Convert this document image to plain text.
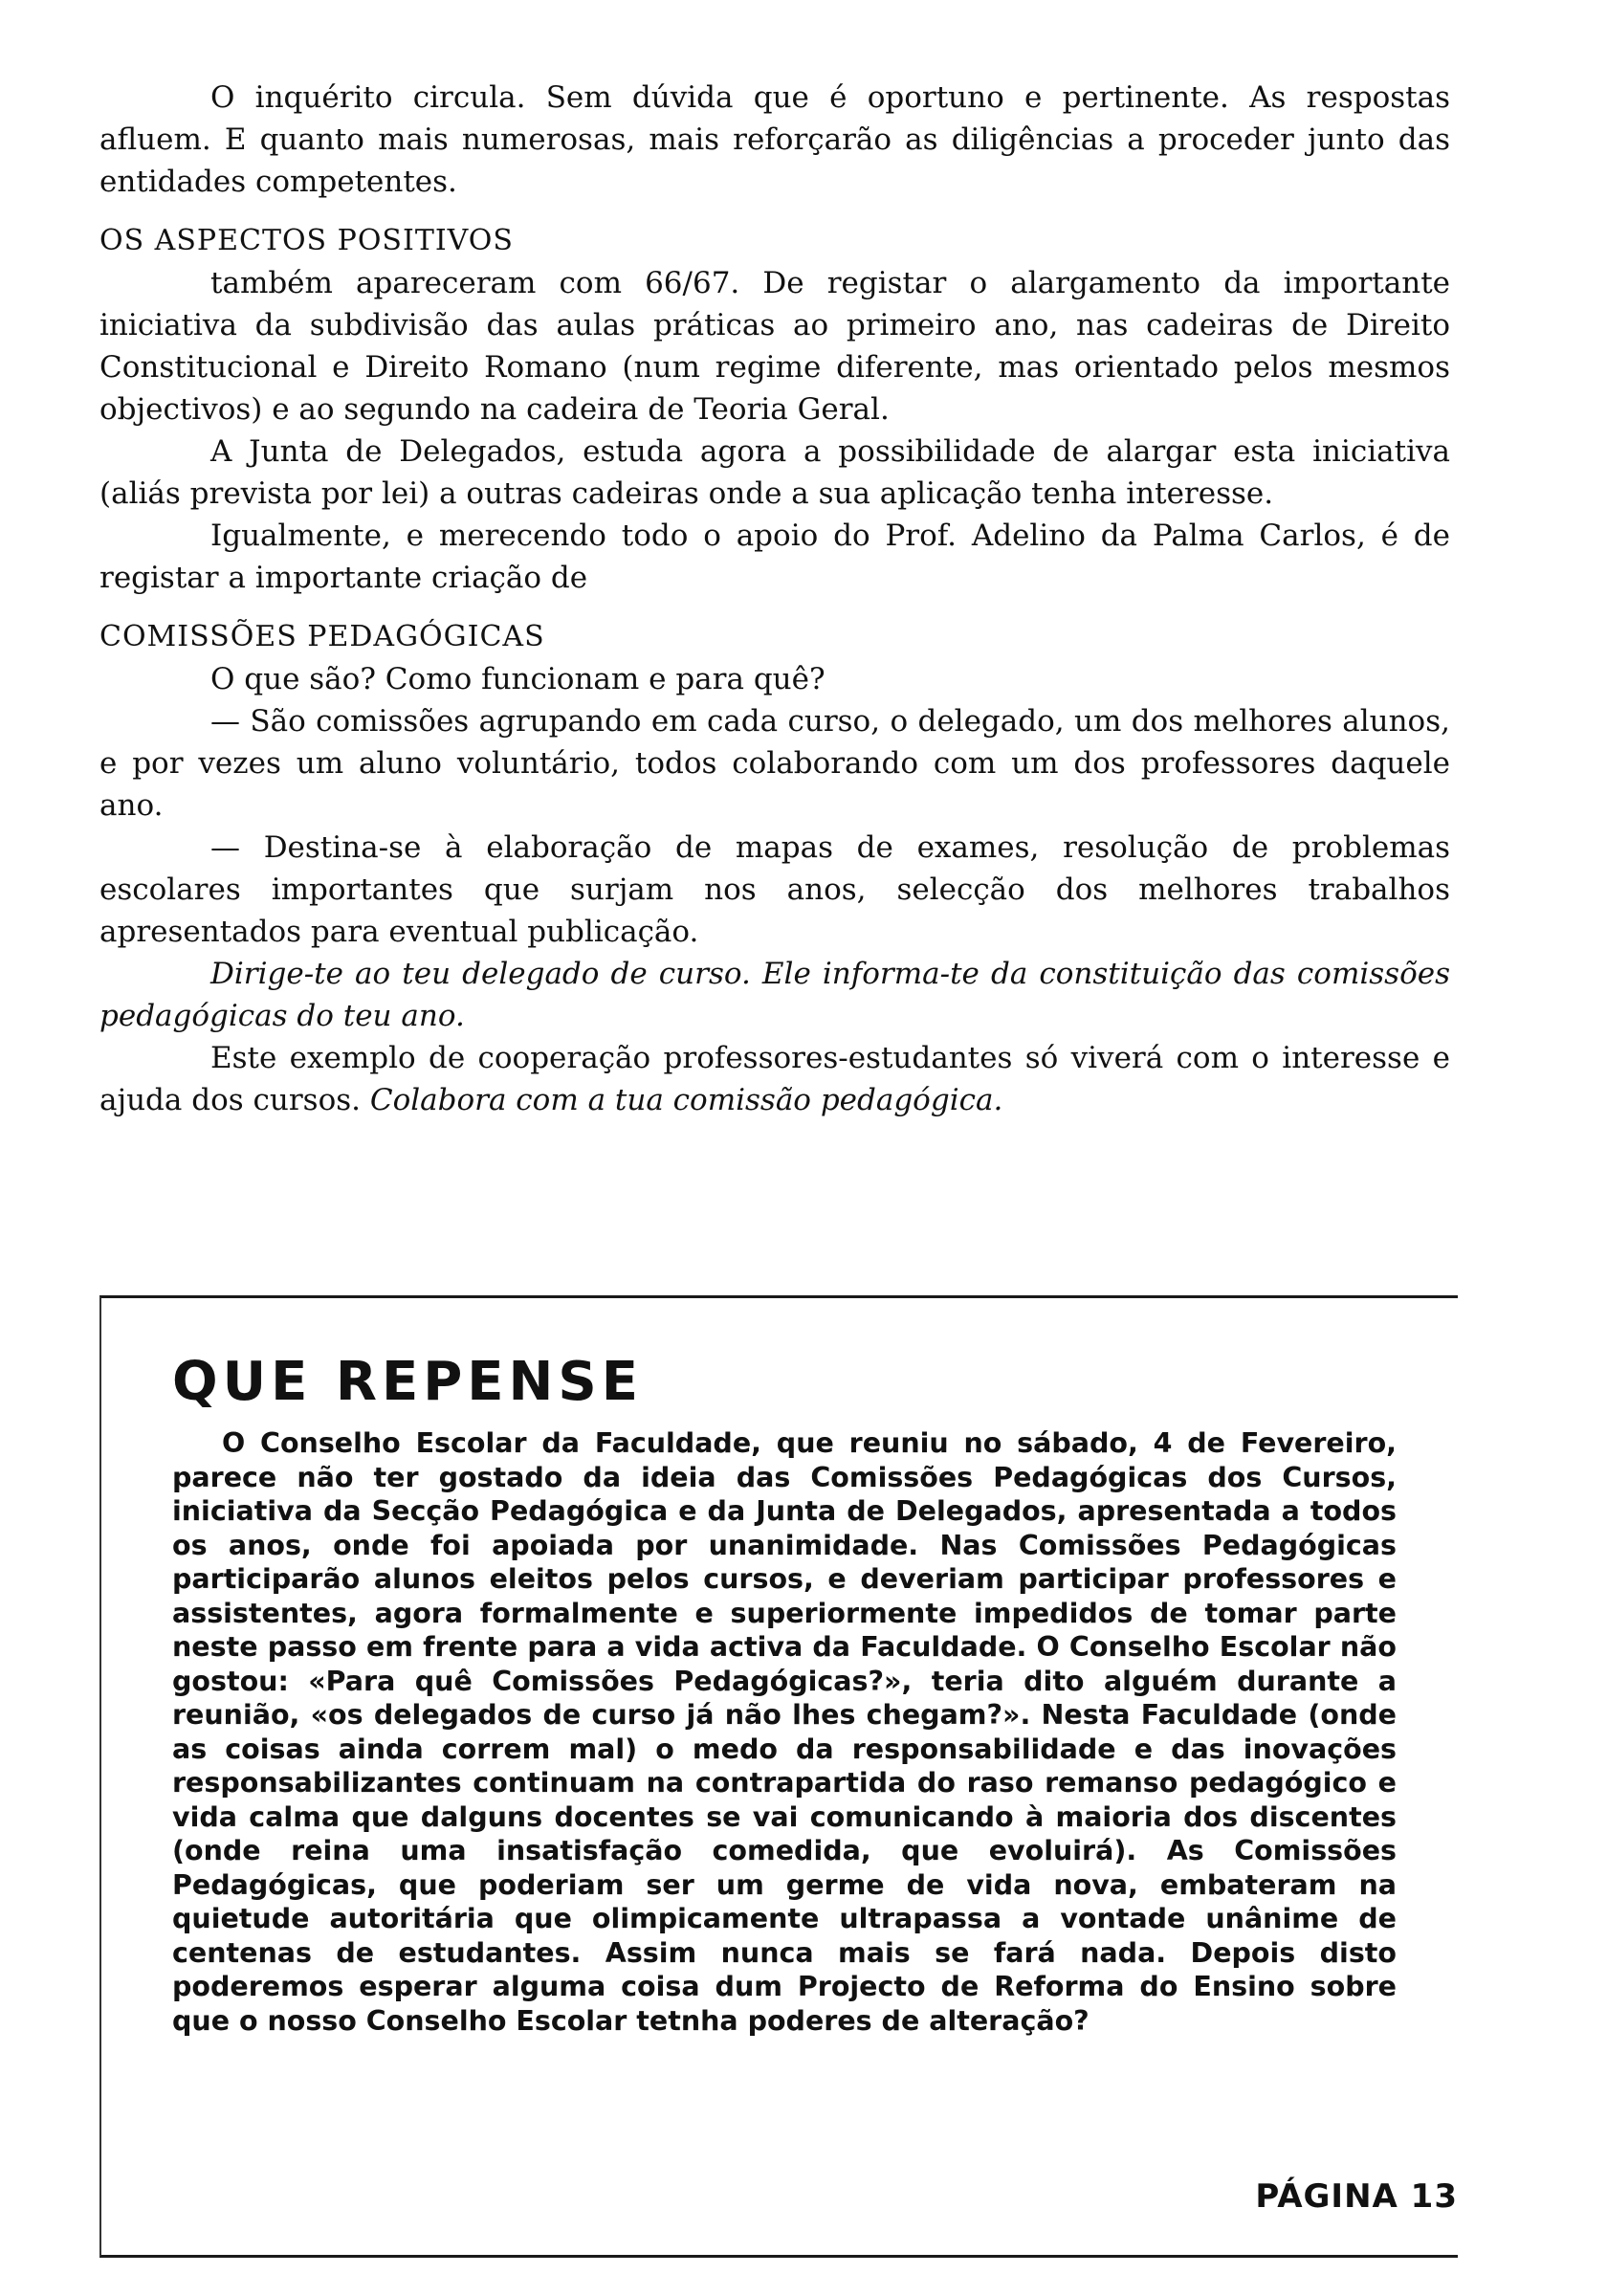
O inquérito circula. Sem dúvida que é oportuno e pertinente. As respostas afluem. E quanto mais numerosas, mais reforçarão as diligências a proceder junto das entidades competentes.

OS ASPECTOS POSITIVOS

também apareceram com 66/67. De registar o alargamento da importante iniciativa da subdivisão das aulas práticas ao primeiro ano, nas cadeiras de Direito Constitucional e Direito Romano (num regime diferente, mas orientado pelos mesmos objectivos) e ao segundo na cadeira de Teoria Geral.

A Junta de Delegados, estuda agora a possibilidade de alargar esta iniciativa (aliás prevista por lei) a outras cadeiras onde a sua aplicação tenha interesse.

Igualmente, e merecendo todo o apoio do Prof. Adelino da Palma Carlos, é de registar a importante criação de

COMISSÕES PEDAGÓGICAS

O que são? Como funcionam e para quê?

— São comissões agrupando em cada curso, o delegado, um dos melhores alunos, e por vezes um aluno voluntário, todos colaborando com um dos professores daquele ano.

— Destina-se à elaboração de mapas de exames, resolução de problemas escolares importantes que surjam nos anos, selecção dos melhores trabalhos apresentados para eventual publicação.

Dirige-te ao teu delegado de curso. Ele informa-te da constituição das comissões pedagógicas do teu ano.

Este exemplo de cooperação professores-estudantes só viverá com o interesse e ajuda dos cursos. Colabora com a tua comissão pedagógica.

QUE REPENSE

O Conselho Escolar da Faculdade, que reuniu no sábado, 4 de Fevereiro, parece não ter gostado da ideia das Comissões Pedagógicas dos Cursos, iniciativa da Secção Pedagógica e da Junta de Delegados, apresentada a todos os anos, onde foi apoiada por unanimidade. Nas Comissões Pedagógicas participarão alunos eleitos pelos cursos, e deveriam participar professores e assistentes, agora formalmente e superiormente impedidos de tomar parte neste passo em frente para a vida activa da Faculdade. O Conselho Escolar não gostou: «Para quê Comissões Pedagógicas?», teria dito alguém durante a reunião, «os delegados de curso já não lhes chegam?». Nesta Faculdade (onde as coisas ainda correm mal) o medo da responsabilidade e das inovações responsabilizantes continuam na contrapartida do raso remanso pedagógico e vida calma que dalguns docentes se vai comunicando à maioria dos discentes (onde reina uma insatisfação comedida, que evoluirá). As Comissões Pedagógicas, que poderiam ser um germe de vida nova, embateram na quietude autoritária que olimpicamente ultrapassa a vontade unânime de centenas de estudantes. Assim nunca mais se fará nada. Depois disto poderemos esperar alguma coisa dum Projecto de Reforma do Ensino sobre que o nosso Conselho Escolar tetnha poderes de alteração?

PÁGINA 13
